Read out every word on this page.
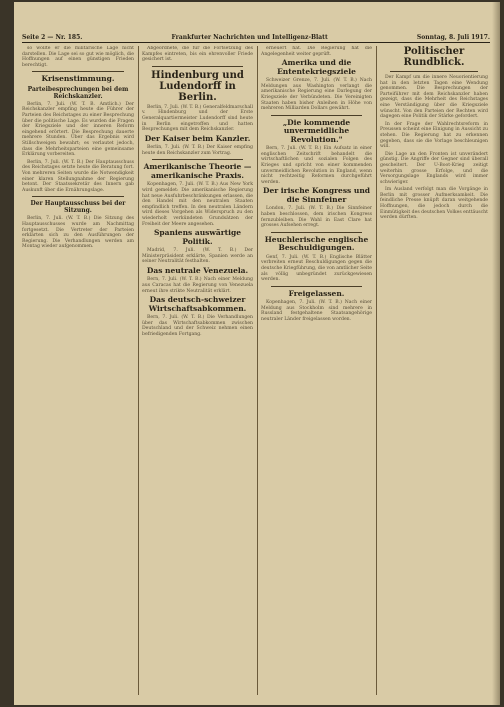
Seite 2 — Nr. 185.	Frankfurter Nachrichten und Intelligenz-Blatt	Sonntag, 8. Juli 1917.

so wollte er die militärische Lage nicht darstellen. Die Lage sei so gut wie möglich, die Hoffnungen auf einen günstigen Frieden berechtigt.

Krisenstimmung.

Parteibesprechungen bei dem Reichskanzler.

Berlin, 7. Juli. (W. T. B. Amtlich.) Der Reichskanzler empfing heute die Führer der Parteien des Reichstages zu einer Besprechung über die politische Lage. Es wurden die Fragen der Kriegsziele und der inneren Reform eingehend erörtert. Die Besprechung dauerte mehrere Stunden. Über das Ergebnis wird Stillschweigen bewahrt; es verlautet jedoch, dass die Mehrheitsparteien eine gemeinsame Erklärung vorbereiten.

Berlin, 7. Juli. (W. T. B.) Der Hauptausschuss des Reichstages setzte heute die Beratung fort. Von mehreren Seiten wurde die Notwendigkeit einer klaren Stellungnahme der Regierung betont. Der Staatssekretär des Innern gab Auskunft über die Ernährungslage.

Der Hauptausschuss bei der Sitzung.

Berlin, 7. Juli. (W. T. B.) Die Sitzung des Hauptausschusses wurde am Nachmittag fortgesetzt. Die Vertreter der Parteien erklärten sich zu den Ausführungen der Regierung. Die Verhandlungen werden am Montag wieder aufgenommen.

Abgeordnete, die für die Fortsetzung des Kampfes eintreten, bis ein ehrenvoller Friede gesichert ist.

Hindenburg und Ludendorff in Berlin.

Berlin, 7. Juli. (W. T. B.) Generalfeldmarschall v. Hindenburg und der Erste Generalquartiermeister Ludendorff sind heute in Berlin eingetroffen und hatten Besprechungen mit dem Reichskanzler.

Der Kaiser beim Kanzler.

Berlin, 7. Juli. (W. T. B.) Der Kaiser empfing heute den Reichskanzler zum Vortrag.

Amerikanische Theorie — amerikanische Praxis.

Kopenhagen, 7. Juli. (W. T. B.) Aus New York wird gemeldet: Die amerikanische Regierung hat neue Ausfuhrbeschränkungen erlassen, die den Handel mit den neutralen Staaten empfindlich treffen. In den neutralen Ländern wird dieses Vorgehen als Widerspruch zu den wiederholt verkündeten Grundsätzen der Freiheit der Meere angesehen.

Spaniens auswärtige Politik.

Madrid, 7. Juli. (W. T. B.) Der Ministerpräsident erklärte, Spanien werde an seiner Neutralität festhalten.

Das neutrale Venezuela.

Bern, 7. Juli. (W. T. B.) Nach einer Meldung aus Caracas hat die Regierung von Venezuela erneut ihre strikte Neutralität erklärt.

Das deutsch-schweizer Wirtschaftsabkommen.

Bern, 7. Juli. (W. T. B.) Die Verhandlungen über das Wirtschaftsabkommen zwischen Deutschland und der Schweiz nehmen einen befriedigenden Fortgang.

erneuert hat. Die Regierung hat die Angelegenheit weiter geprüft.

Amerika und die Ententekriegsziele

Schweizer Grenze, 7. Juli. (W. T. B.) Nach Meldungen aus Washington verlangt die amerikanische Regierung eine Darlegung der Kriegsziele der Verbündeten. Die Vereinigten Staaten haben bisher Anleihen in Höhe von mehreren Milliarden Dollars gewährt.

„Die kommende unvermeidliche Revolution."

Bern, 7. Juli. (W. T. B.) Ein Aufsatz in einer englischen Zeitschrift behandelt die wirtschaftlichen und sozialen Folgen des Krieges und spricht von einer kommenden unvermeidlichen Revolution in England, wenn nicht rechtzeitig Reformen durchgeführt werden.

Der irische Kongress und die Sinnfeiner

London, 7. Juli. (W. T. B.) Die Sinnfeiner haben beschlossen, dem irischen Kongress fernzubleiben. Die Wahl in East Clare hat grosses Aufsehen erregt.

Heuchlerische englische Beschuldigungen.

Genf, 7. Juli. (W. T. B.) Englische Blätter verbreiten erneut Beschuldigungen gegen die deutsche Kriegführung, die von amtlicher Seite als völlig unbegründet zurückgewiesen werden.

Freigelassen.

Kopenhagen, 7. Juli. (W. T. B.) Nach einer Meldung aus Stockholm sind mehrere in Russland festgehaltene Staatsangehörige neutraler Länder freigelassen worden.

Politischer Rundblick.

Der Kampf um die innere Neuorientierung hat in den letzten Tagen eine Wendung genommen. Die Besprechungen der Parteiführer mit dem Reichskanzler haben gezeigt, dass die Mehrheit des Reichstages eine Verständigung über die Kriegsziele wünscht. Von den Parteien der Rechten wird dagegen eine Politik der Stärke gefordert.

In der Frage der Wahlrechtsreform in Preussen scheint eine Einigung in Aussicht zu stehen. Die Regierung hat zu erkennen gegeben, dass sie die Vorlage beschleunigen will.

Die Lage an den Fronten ist unverändert günstig. Die Angriffe der Gegner sind überall gescheitert. Der U-Boot-Krieg zeitigt weiterhin grosse Erfolge, und die Versorgungslage Englands wird immer schwieriger.

Im Ausland verfolgt man die Vorgänge in Berlin mit grosser Aufmerksamkeit. Die feindliche Presse knüpft daran weitgehende Hoffnungen, die jedoch durch die Einmütigkeit des deutschen Volkes enttäuscht werden dürften.
